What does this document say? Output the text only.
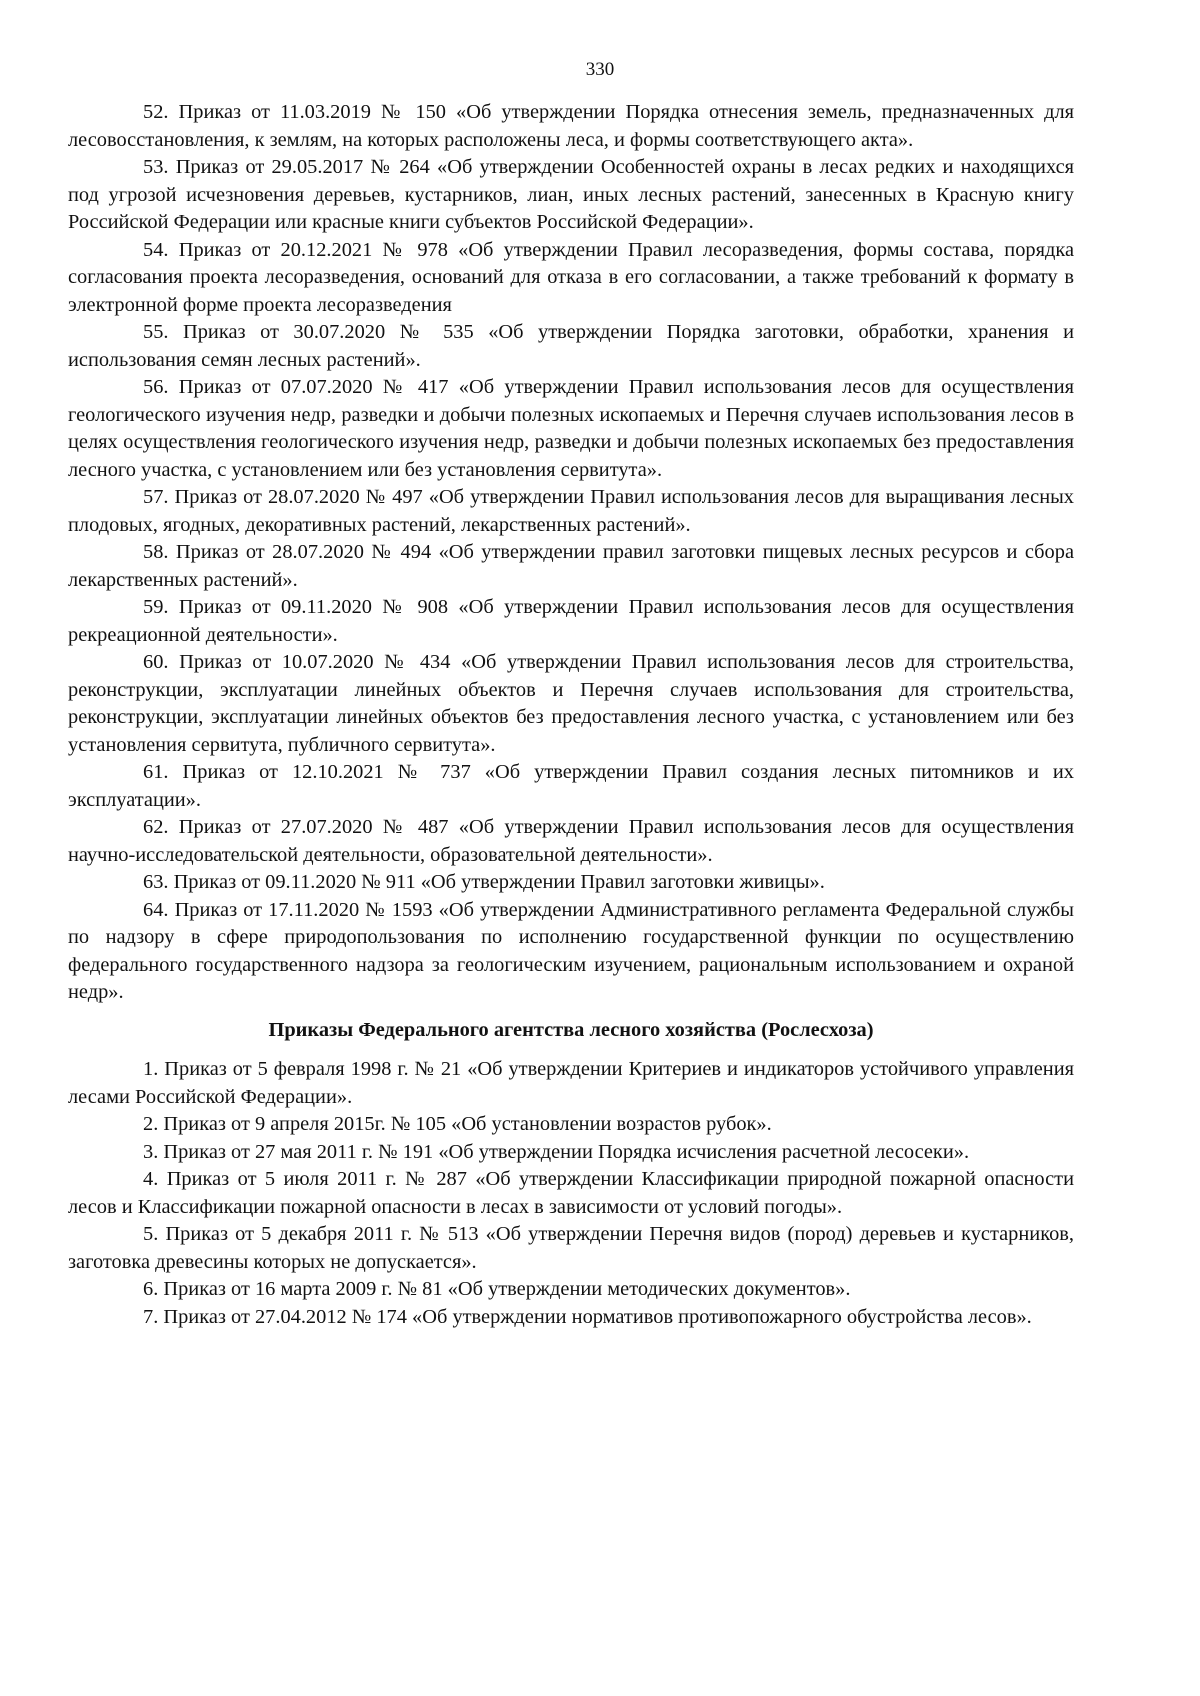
330

52. Приказ от 11.03.2019 № 150 «Об утверждении Порядка отнесения земель, предназначенных для лесовосстановления, к землям, на которых расположены леса, и формы соответствующего акта».

53. Приказ от 29.05.2017 № 264 «Об утверждении Особенностей охраны в лесах редких и находящихся под угрозой исчезновения деревьев, кустарников, лиан, иных лесных растений, занесенных в Красную книгу Российской Федерации или красные книги субъектов Российской Федерации».

54. Приказ от 20.12.2021 № 978 «Об утверждении Правил лесоразведения, формы состава, порядка согласования проекта лесоразведения, оснований для отказа в его согласовании, а также требований к формату в электронной форме проекта лесоразведения

55. Приказ от 30.07.2020 № 535 «Об утверждении Порядка заготовки, обработки, хранения и использования семян лесных растений».

56. Приказ от 07.07.2020 № 417 «Об утверждении Правил использования лесов для осуществления геологического изучения недр, разведки и добычи полезных ископаемых и Перечня случаев использования лесов в целях осуществления геологического изучения недр, разведки и добычи полезных ископаемых без предоставления лесного участка, с установлением или без установления сервитута».

57. Приказ от 28.07.2020 № 497 «Об утверждении Правил использования лесов для выращивания лесных плодовых, ягодных, декоративных растений, лекарственных растений».

58. Приказ от 28.07.2020 № 494 «Об утверждении правил заготовки пищевых лесных ресурсов и сбора лекарственных растений».

59. Приказ от 09.11.2020 № 908 «Об утверждении Правил использования лесов для осуществления рекреационной деятельности».

60. Приказ от 10.07.2020 № 434 «Об утверждении Правил использования лесов для строительства, реконструкции, эксплуатации линейных объектов и Перечня случаев использования для строительства, реконструкции, эксплуатации линейных объектов без предоставления лесного участка, с установлением или без установления сервитута, публичного сервитута».

61. Приказ от 12.10.2021 № 737 «Об утверждении Правил создания лесных питомников и их эксплуатации».

62. Приказ от 27.07.2020 № 487 «Об утверждении Правил использования лесов для осуществления научно-исследовательской деятельности, образовательной деятельности».

63. Приказ от 09.11.2020 № 911 «Об утверждении Правил заготовки живицы».

64. Приказ от 17.11.2020 № 1593 «Об утверждении Административного регламента Федеральной службы по надзору в сфере природопользования по исполнению государственной функции по осуществлению федерального государственного надзора за геологическим изучением, рациональным использованием и охраной недр».

Приказы Федерального агентства лесного хозяйства (Рослесхоза)

1. Приказ от 5 февраля 1998 г. № 21 «Об утверждении Критериев и индикаторов устойчивого управления лесами Российской Федерации».

2. Приказ от 9 апреля 2015г. № 105 «Об установлении возрастов рубок».

3. Приказ от 27 мая 2011 г. № 191 «Об утверждении Порядка исчисления расчетной лесосеки».

4. Приказ от 5 июля 2011 г. № 287 «Об утверждении Классификации природной пожарной опасности лесов и Классификации пожарной опасности в лесах в зависимости от условий погоды».

5. Приказ от 5 декабря 2011 г. № 513 «Об утверждении Перечня видов (пород) деревьев и кустарников, заготовка древесины которых не допускается».

6. Приказ от 16 марта 2009 г. № 81 «Об утверждении методических документов».

7. Приказ от 27.04.2012 № 174 «Об утверждении нормативов противопожарного обустройства лесов».
